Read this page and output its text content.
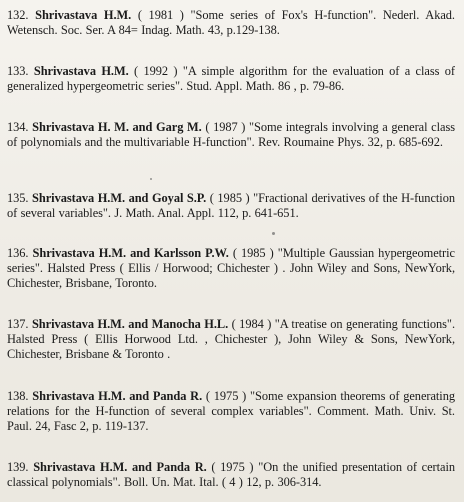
132. Shrivastava H.M. ( 1981 ) "Some series of Fox's H-function". Nederl. Akad. Wetensch. Soc. Ser. A 84= Indag. Math. 43, p.129-138.

133. Shrivastava H.M. ( 1992 ) "A simple algorithm for the evaluation of a class of generalized hypergeometric series". Stud. Appl. Math. 86 , p. 79-86.

134. Shrivastava H. M. and Garg M. ( 1987 ) "Some integrals involving a general class of polynomials and the multivariable H-function". Rev. Roumaine Phys. 32, p. 685-692.

135. Shrivastava H.M. and Goyal S.P. ( 1985 ) "Fractional derivatives of the H-function of several variables". J. Math. Anal. Appl. 112, p. 641-651.

136. Shrivastava H.M. and Karlsson P.W. ( 1985 ) "Multiple Gaussian hypergeometric series". Halsted Press ( Ellis / Horwood; Chichester ) . John Wiley and Sons, NewYork, Chichester, Brisbane, Toronto.

137. Shrivastava H.M. and Manocha H.L. ( 1984 ) "A treatise on generating functions". Halsted Press ( Ellis Horwood Ltd. , Chichester ), John Wiley & Sons, NewYork, Chichester, Brisbane & Toronto .

138. Shrivastava H.M. and Panda R. ( 1975 ) "Some expansion theorems of generating relations for the H-function of several complex variables". Comment. Math. Univ. St. Paul. 24, Fasc 2, p. 119-137.

139. Shrivastava H.M. and Panda R. ( 1975 ) "On the unified presentation of certain classical polynomials". Boll. Un. Mat. Ital. ( 4 ) 12, p. 306-314.
